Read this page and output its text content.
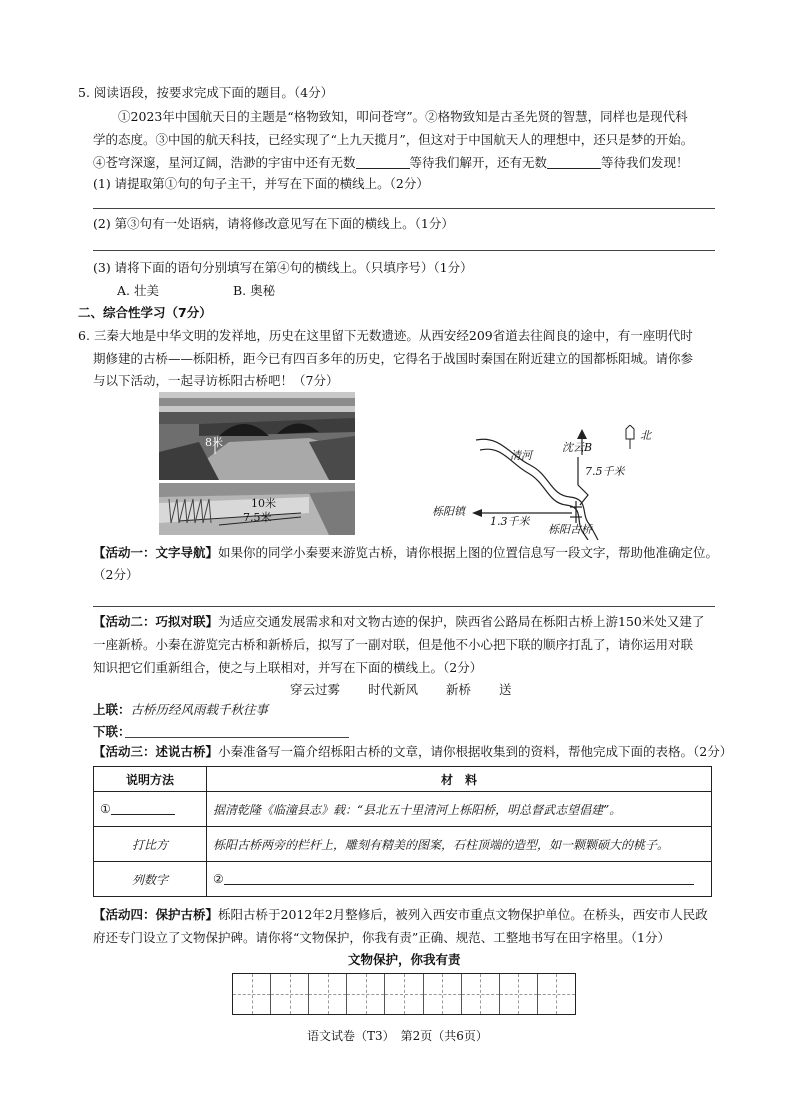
5. 阅读语段，按要求完成下面的题目。（4分）
①2023年中国航天日的主题是“格物致知，叩问苍穹”。②格物致知是古圣先贤的智慧，同样也是现代科
学的态度。③中国的航天科技，已经实现了“上九天揽月”，但这对于中国航天人的理想中，还只是梦的开始。
④苍穹深邃，星河辽阔，浩渺的宇宙中还有无数	等待我们解开，还有无数	等待我们发现！
(1) 请提取第①句的句子主干，并写在下面的横线上。（2分）
(2) 第③句有一处语病，请将修改意见写在下面的横线上。（1分）
(3) 请将下面的语句分别填写在第④句的横线上。（只填序号）（1分）
A. 壮美	B. 奥秘
二、综合性学习（7分）
6. 三秦大地是中华文明的发祥地，历史在这里留下无数遗迹。从西安经209省道去往阎良的途中，有一座明代时
期修建的古桥——栎阳桥，距今已有四百多年的历史，它得名于战国时秦国在附近建立的国都栎阳城。请你参
与以下活动，一起寻访栎阳古桥吧！（7分）
8米
10米
7.5米
清河
沈云B
北
7.5千米
1.3千米
栎阳镇
栎阳古桥
【活动一：文字导航】如果你的同学小秦要来游览古桥，请你根据上图的位置信息写一段文字，帮助他准确定位。
（2分）
【活动二：巧拟对联】为适应交通发展需求和对文物古迹的保护，陕西省公路局在栎阳古桥上游150米处又建了
一座新桥。小秦在游览完古桥和新桥后，拟写了一副对联，但是他不小心把下联的顺序打乱了，请你运用对联
知识把它们重新组合，使之与上联相对，并写在下面的横线上。（2分）
穿云过雾 时代新风 新桥 送
上联：古桥历经风雨载千秋往事
下联：
【活动三：述说古桥】小秦准备写一篇介绍栎阳古桥的文章，请你根据收集到的资料，帮他完成下面的表格。（2分）
说明方法	材　料
①	据清乾隆《临潼县志》载：“县北五十里清河上栎阳桥，明总督武志望倡建”。
打比方	栎阳古桥两旁的栏杆上，雕刻有精美的图案，石柱顶端的造型，如一颗颗硕大的桃子。
列数字	②
【活动四：保护古桥】栎阳古桥于2012年2月整修后，被列入西安市重点文物保护单位。在桥头，西安市人民政
府还专门设立了文物保护碑。请你将“文物保护，你我有责”正确、规范、工整地书写在田字格里。（1分）
文物保护，你我有责
语文试卷（T3）　第2页（共6页）
